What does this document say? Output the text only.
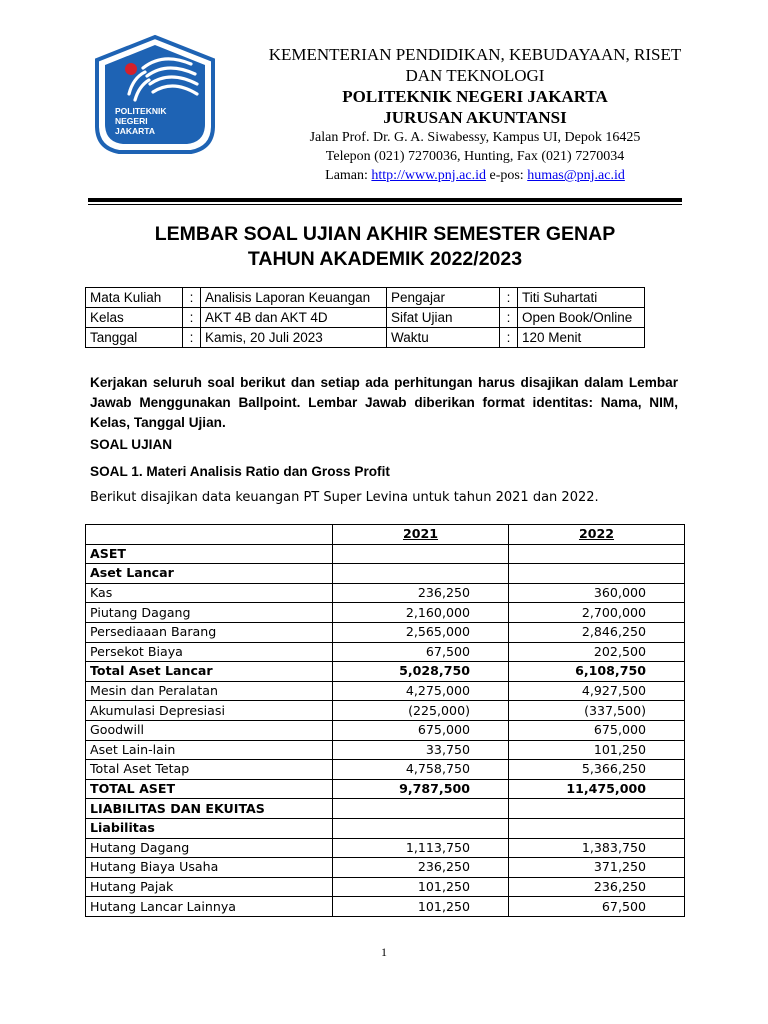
POLITEKNIK
NEGERI
JAKARTA
KEMENTERIAN PENDIDIKAN, KEBUDAYAAN, RISET
DAN TEKNOLOGI
POLITEKNIK NEGERI JAKARTA
JURUSAN AKUNTANSI
Jalan Prof. Dr. G. A. Siwabessy, Kampus UI, Depok 16425
Telepon (021) 7270036, Hunting, Fax (021) 7270034
Laman: http://www.pnj.ac.id e-pos: humas@pnj.ac.id
LEMBAR SOAL UJIAN AKHIR SEMESTER GENAP
TAHUN AKADEMIK 2022/2023
Mata Kuliah	:	Analisis Laporan Keuangan	Pengajar	:	Titi Suhartati
Kelas	:	AKT 4B dan AKT 4D	Sifat Ujian	:	Open Book/Online
Tanggal	:	Kamis, 20 Juli 2023	Waktu	:	120 Menit
Kerjakan seluruh soal berikut dan setiap ada perhitungan harus disajikan dalam Lembar Jawab Menggunakan Ballpoint. Lembar Jawab diberikan format identitas: Nama, NIM, Kelas, Tanggal Ujian.
SOAL UJIAN
SOAL 1. Materi Analisis Ratio dan Gross Profit
Berikut disajikan data keuangan PT Super Levina untuk tahun 2021 dan 2022.
	2021	2022
ASET		
Aset Lancar		
Kas	236,250	360,000
Piutang Dagang	2,160,000	2,700,000
Persediaaan Barang	2,565,000	2,846,250
Persekot Biaya	67,500	202,500
Total Aset Lancar	5,028,750	6,108,750
Mesin dan Peralatan	4,275,000	4,927,500
Akumulasi Depresiasi	(225,000)	(337,500)
Goodwill	675,000	675,000
Aset Lain-lain	33,750	101,250
Total Aset Tetap	4,758,750	5,366,250
TOTAL ASET	9,787,500	11,475,000
LIABILITAS DAN EKUITAS		
Liabilitas		
Hutang Dagang	1,113,750	1,383,750
Hutang Biaya Usaha	236,250	371,250
Hutang Pajak	101,250	236,250
Hutang Lancar Lainnya	101,250	67,500
1
